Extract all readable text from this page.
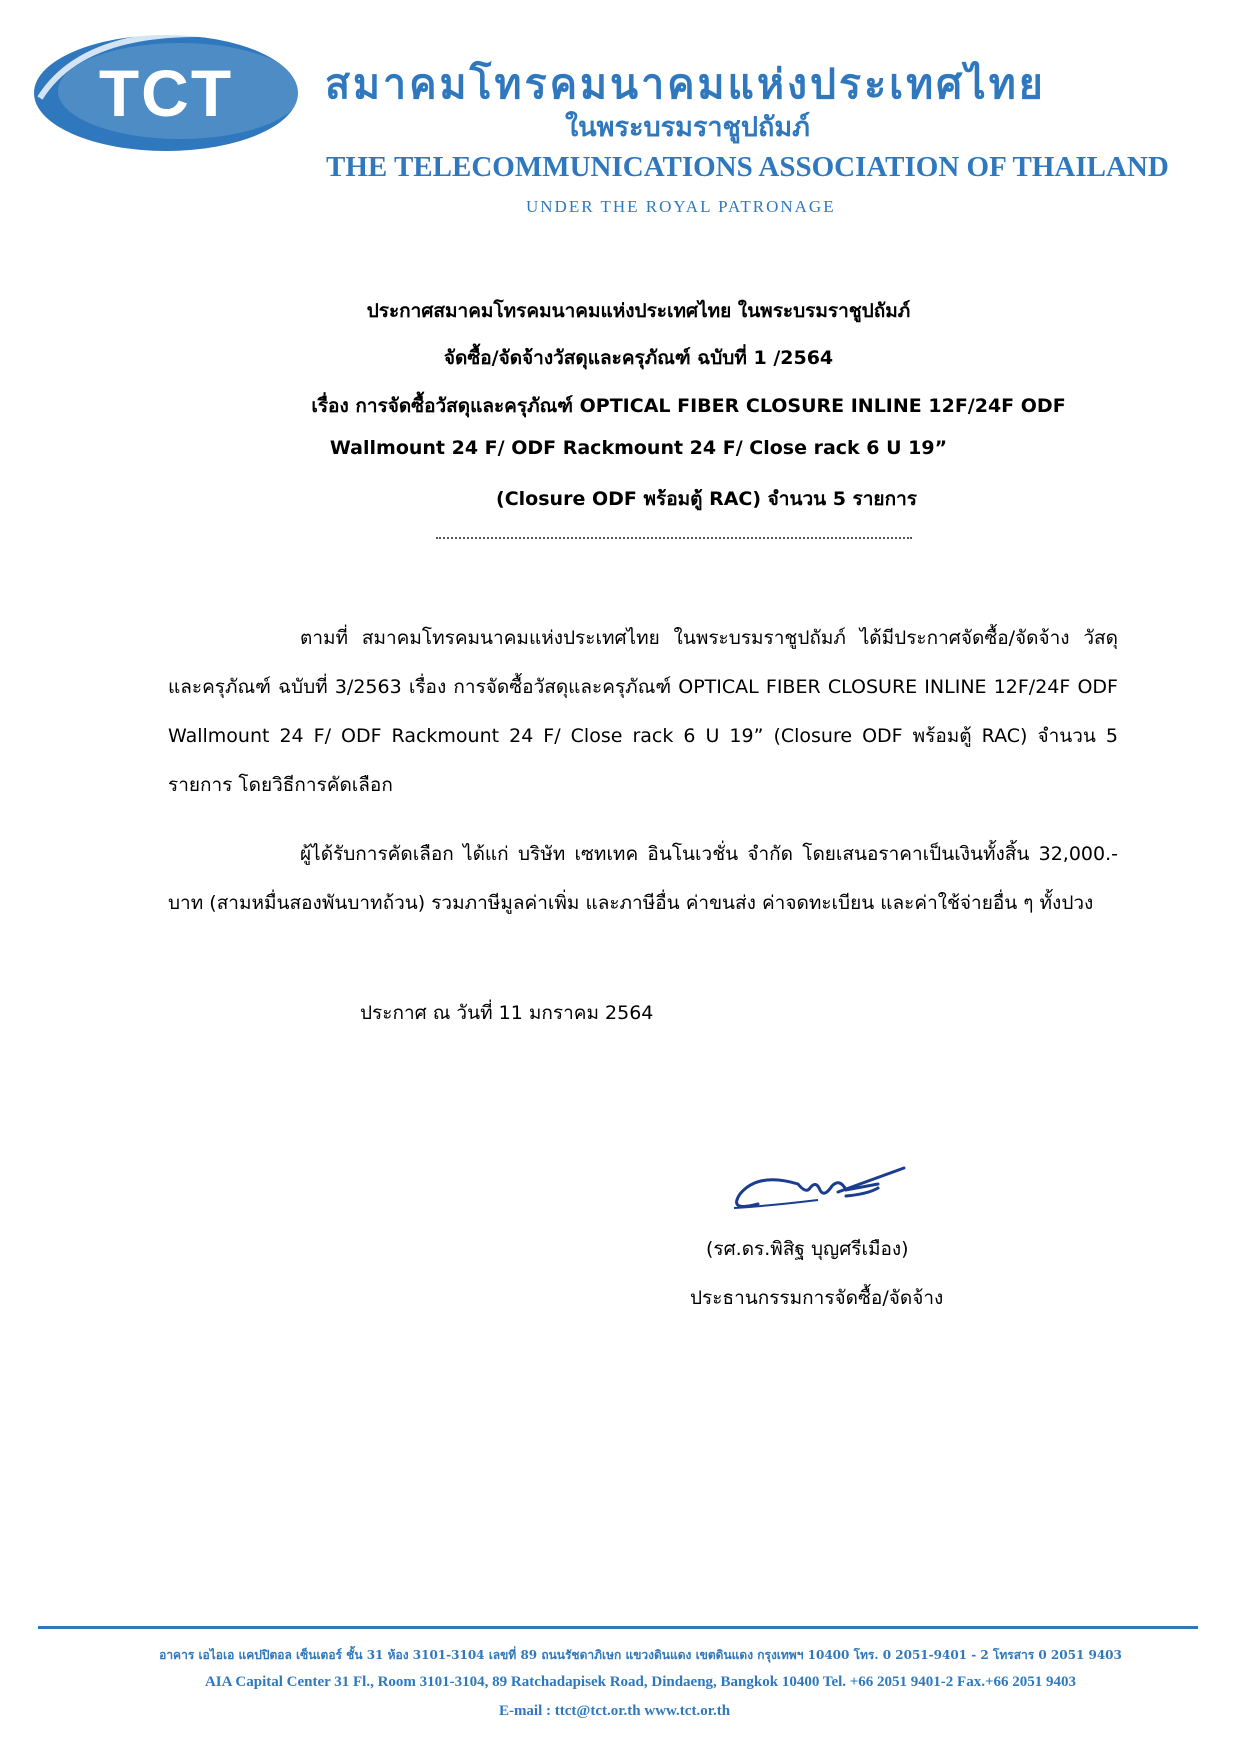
TCT สมาคมโทรคมนาคมแห่งประเทศไทย
ในพระบรมราชูปถัมภ์
THE TELECOMMUNICATIONS ASSOCIATION OF THAILAND
UNDER THE ROYAL PATRONAGE
ประกาศสมาคมโทรคมนาคมแห่งประเทศไทย ในพระบรมราชูปถัมภ์
จัดซื้อ/จัดจ้างวัสดุและครุภัณฑ์ ฉบับที่ 1 /2564
เรื่อง การจัดซื้อวัสดุและครุภัณฑ์ OPTICAL FIBER CLOSURE INLINE 12F/24F ODF
Wallmount 24 F/ ODF Rackmount 24 F/ Close rack 6 U 19”
(Closure ODF พร้อมตู้ RAC) จำนวน 5 รายการ
ตามที่ สมาคมโทรคมนาคมแห่งประเทศไทย ในพระบรมราชูปถัมภ์ ได้มีประกาศจัดซื้อ/จัดจ้าง วัสดุและครุภัณฑ์ ฉบับที่ 3/2563 เรื่อง การจัดซื้อวัสดุและครุภัณฑ์ OPTICAL FIBER CLOSURE INLINE 12F/24F ODF Wallmount 24 F/ ODF Rackmount 24 F/ Close rack 6 U 19” (Closure ODF พร้อมตู้ RAC) จำนวน 5 รายการ โดยวิธีการคัดเลือก
ผู้ได้รับการคัดเลือก ได้แก่ บริษัท เซทเทค อินโนเวชั่น จำกัด โดยเสนอราคาเป็นเงินทั้งสิ้น 32,000.- บาท (สามหมื่นสองพันบาทถ้วน) รวมภาษีมูลค่าเพิ่ม และภาษีอื่น ค่าขนส่ง ค่าจดทะเบียน และค่าใช้จ่ายอื่น ๆ ทั้งปวง
ประกาศ ณ วันที่ 11 มกราคม 2564
(รศ.ดร.พิสิฐ บุญศรีเมือง)
ประธานกรรมการจัดซื้อ/จัดจ้าง
อาคาร เอไอเอ แคปปิตอล เซ็นเตอร์ ชั้น 31 ห้อง 3101-3104 เลขที่ 89 ถนนรัชดาภิเษก แขวงดินแดง เขตดินแดง กรุงเทพฯ 10400 โทร. 0 2051-9401 - 2 โทรสาร 0 2051 9403
AIA Capital Center 31 Fl., Room 3101-3104, 89 Ratchadapisek Road, Dindaeng, Bangkok 10400 Tel. +66 2051 9401-2 Fax.+66 2051 9403
E-mail : ttct@tct.or.th www.tct.or.th
